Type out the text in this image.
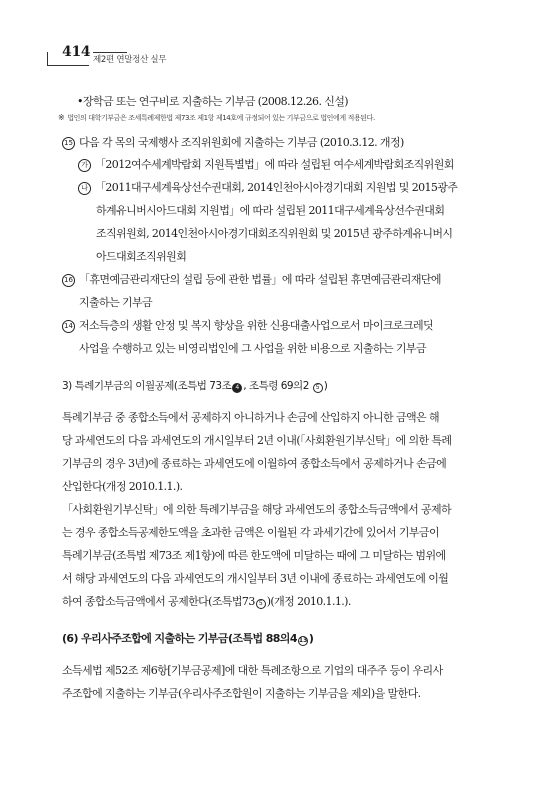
414 제2편 연말정산 실무
•장학금 또는 연구비로 지출하는 기부금 (2008.12.26. 신설)
※ 법인의 대학기부금은 조세특례제한법 제73조 제1항 제14호에 규정되어 있는 기부금으로 법인에게 적용된다.
15 다음 각 목의 국제행사 조직위원회에 지출하는 기부금 (2010.3.12. 개정)
가 「2012여수세계박람회 지원특별법」에 따라 설립된 여수세계박람회조직위원회
나 「2011대구세계육상선수권대회, 2014인천아시아경기대회 지원법 및 2015광주
하계유니버시아드대회 지원법」에 따라 설립된 2011대구세계육상선수권대회
조직위원회, 2014인천아시아경기대회조직위원회 및 2015년 광주하계유니버시
아드대회조직위원회
16 「휴면예금관리재단의 설립 등에 관한 법률」에 따라 설립된 휴면예금관리재단에
지출하는 기부금
14 저소득층의 생활 안정 및 복지 향상을 위한 신용대출사업으로서 마이크로크레딧
사업을 수행하고 있는 비영리법인에 그 사업을 위한 비용으로 지출하는 기부금
3) 특례기부금의 이월공제(조특법 73조 4 , 조특령 69의2 5 )
특례기부금 중 종합소득에서 공제하지 아니하거나 손금에 산입하지 아니한 금액은 해
당 과세연도의 다음 과세연도의 개시일부터 2년 이내(「사회환원기부신탁」에 의한 특례
기부금의 경우 3년)에 종료하는 과세연도에 이월하여 종합소득에서 공제하거나 손금에
산입한다(개정 2010.1.1.).
「사회환원기부신탁」에 의한 특례기부금을 해당 과세연도의 종합소득금액에서 공제하
는 경우 종합소득공제한도액을 초과한 금액은 이월된 각 과세기간에 있어서 기부금이
특례기부금(조특법 제73조 제1항)에 따른 한도액에 미달하는 때에 그 미달하는 범위에
서 해당 과세연도의 다음 과세연도의 개시일부터 3년 이내에 종료하는 과세연도에 이월
하여 종합소득금액에서 공제한다(조특법73 5 )(개정 2010.1.1.).
(6) 우리사주조합에 지출하는 기부금(조특법 88의4 13 )
소득세법 제52조 제6항[기부금공제]에 대한 특례조항으로 기업의 대주주 등이 우리사
주조합에 지출하는 기부금(우리사주조합원이 지출하는 기부금을 제외)을 말한다.
